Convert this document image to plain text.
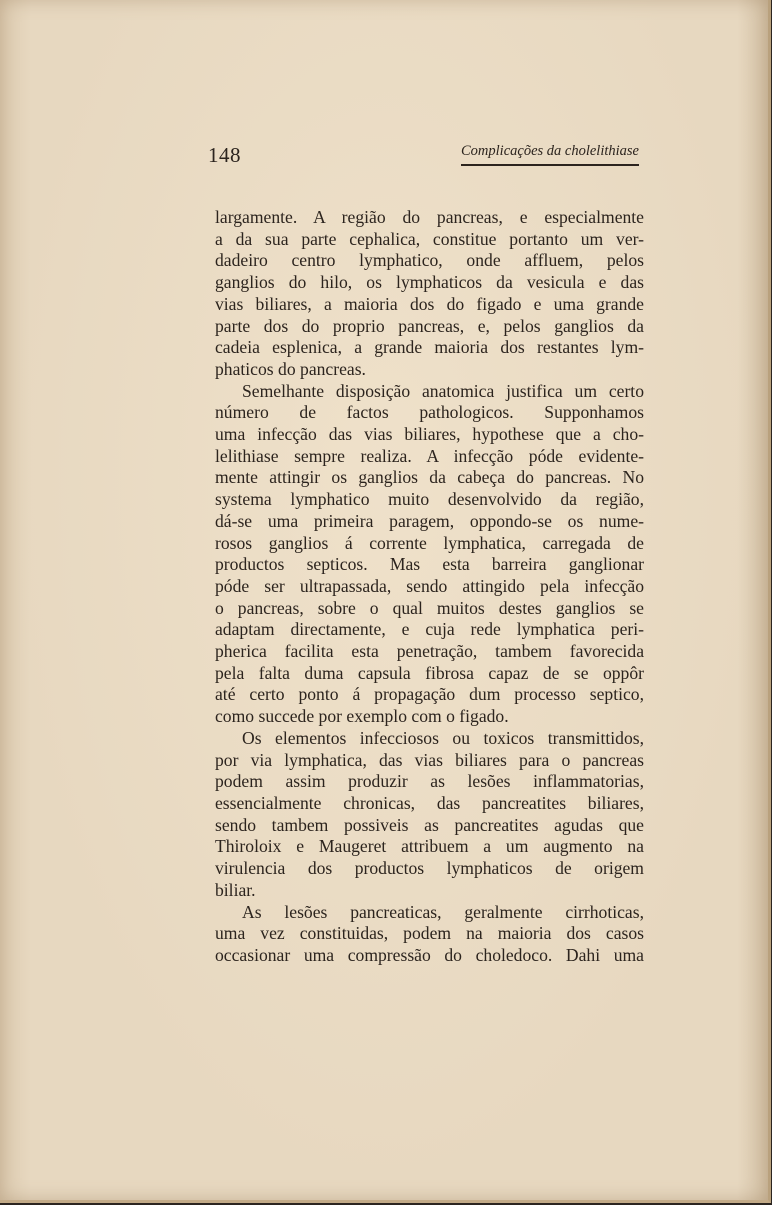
148	Complicações da cholelithiase
largamente. A região do pancreas, e especialmente
a da sua parte cephalica, constitue portanto um ver-
dadeiro centro lymphatico, onde affluem, pelos
ganglios do hilo, os lymphaticos da vesicula e das
vias biliares, a maioria dos do figado e uma grande
parte dos do proprio pancreas, e, pelos ganglios da
cadeia esplenica, a grande maioria dos restantes lym-
phaticos do pancreas.
Semelhante disposição anatomica justifica um certo
número de factos pathologicos. Supponhamos
uma infecção das vias biliares, hypothese que a cho-
lelithiase sempre realiza. A infecção póde evidente-
mente attingir os ganglios da cabeça do pancreas. No
systema lymphatico muito desenvolvido da região,
dá-se uma primeira paragem, oppondo-se os nume-
rosos ganglios á corrente lymphatica, carregada de
productos septicos. Mas esta barreira ganglionar
póde ser ultrapassada, sendo attingido pela infecção
o pancreas, sobre o qual muitos destes ganglios se
adaptam directamente, e cuja rede lymphatica peri-
pherica facilita esta penetração, tambem favorecida
pela falta duma capsula fibrosa capaz de se oppôr
até certo ponto á propagação dum processo septico,
como succede por exemplo com o figado.
Os elementos infecciosos ou toxicos transmittidos,
por via lymphatica, das vias biliares para o pancreas
podem assim produzir as lesões inflammatorias,
essencialmente chronicas, das pancreatites biliares,
sendo tambem possiveis as pancreatites agudas que
Thiroloix e Maugeret attribuem a um augmento na
virulencia dos productos lymphaticos de origem
biliar.
As lesões pancreaticas, geralmente cirrhoticas,
uma vez constituidas, podem na maioria dos casos
occasionar uma compressão do choledoco. Dahi uma
